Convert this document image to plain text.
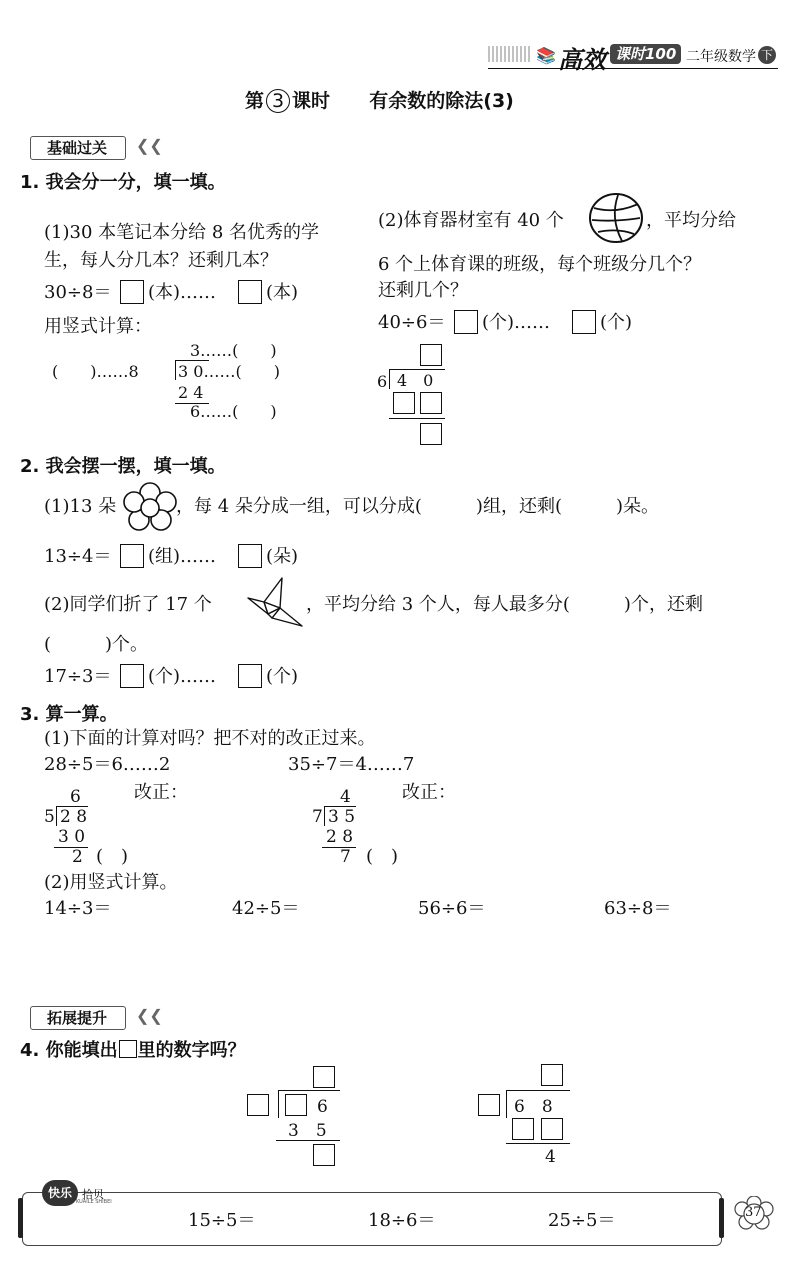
📚 高效 课时100 二年级数学 下
第 3 课时 有余数的除法(3)
基础过关	❮❮
1. 我会分一分，填一填。
(1)30 本笔记本分给 8 名优秀的学
生，每人分几本？还剩几本？
30÷8＝ (本)……	(本)
用竖式计算：
3……(　　)
(　　)……8 3 0……(　　)
2 4
6……(　　)
(2)体育器材室有 40 个	，平均分给
6 个上体育课的班级，每个班级分几个？
还剩几个？
40÷6＝ (个)……	(个)
6 4　0
2. 我会摆一摆，填一填。
(1)13 朵	，每 4 朵分成一组，可以分成(　　　)组，还剩(　　　)朵。
13÷4＝ (组)……	(朵)
(2)同学们折了 17 个	，平均分给 3 个人，每人最多分(　　　)个，还剩
(　　　)个。
17÷3＝ (个)……	(个)
3. 算一算。
(1)下面的计算对吗？把不对的改正过来。
28÷5＝6……2	35÷7＝4……7
6	改正：
5 2 8
3 0
2 (　)
4	改正：
7 3 5
2 8
7 (　)
(2)用竖式计算。
14÷3＝	42÷5＝	56÷6＝	63÷8＝
拓展提升	❮❮
4. 你能填出 里的数字吗？
6
3　5
6　8
4
快乐 拾贝
KUAILE SHIBEI
15÷5＝	18÷6＝	25÷5＝	37
